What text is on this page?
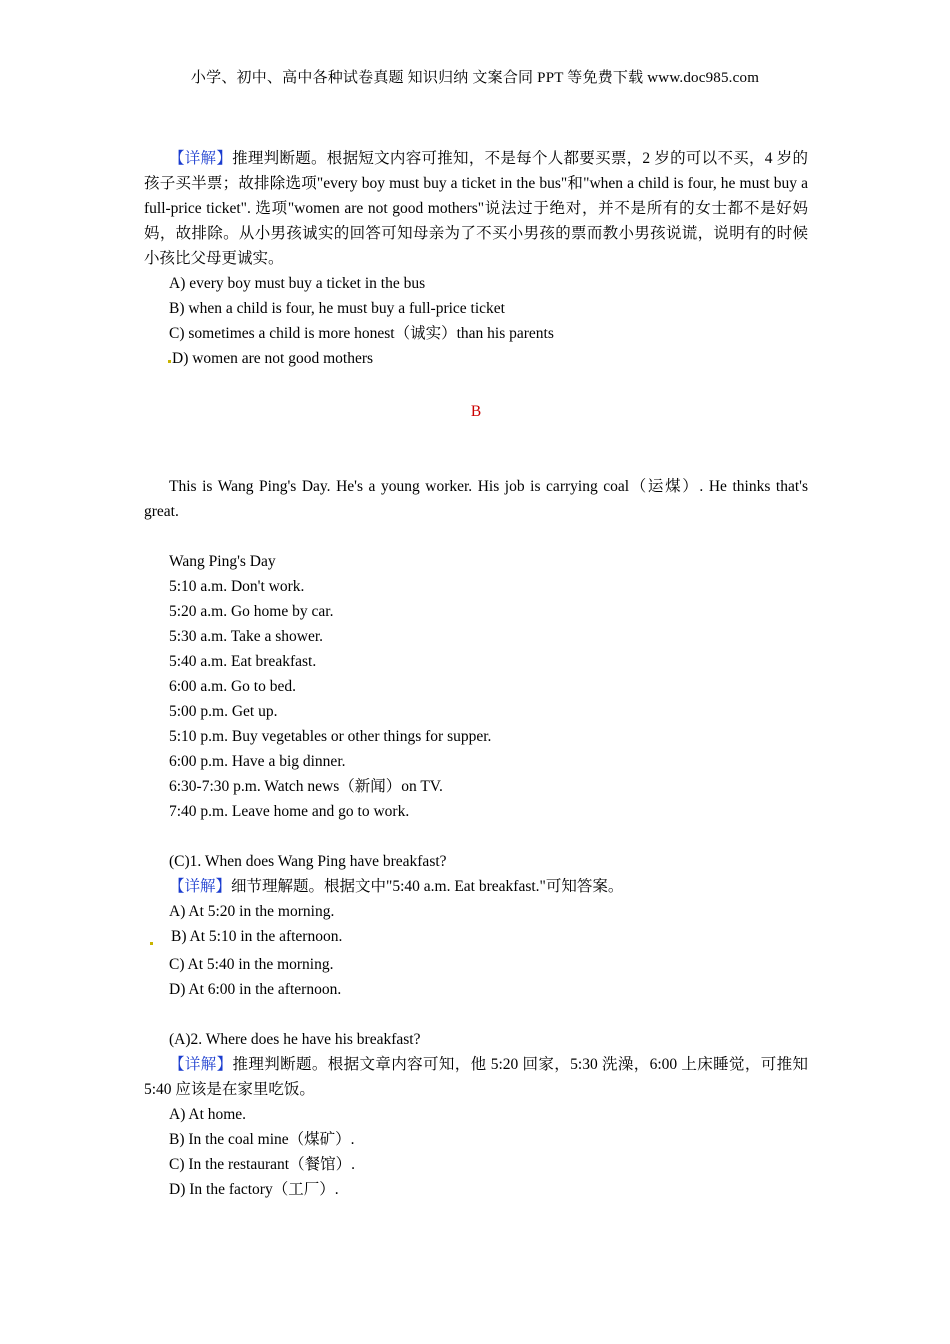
小学、初中、高中各种试卷真题 知识归纳 文案合同 PPT 等免费下载 www.doc985.com

【详解】推理判断题。根据短文内容可推知，不是每个人都要买票，2 岁的可以不买，4 岁的孩子买半票；故排除选项"every boy must buy a ticket in the bus"和"when a child is four, he must buy a full-price ticket". 选项"women are not good mothers"说法过于绝对，并不是所有的女士都不是好妈妈，故排除。从小男孩诚实的回答可知母亲为了不买小男孩的票而教小男孩说谎，说明有的时候小孩比父母更诚实。

A) every boy must buy a ticket in the bus

B) when a child is four, he must buy a full-price ticket

C) sometimes a child is more honest（诚实）than his parents

D) women are not good mothers

B

This is Wang Ping's Day. He's a young worker. His job is carrying coal（运煤）. He thinks that's great.

Wang Ping's Day

5:10 a.m. Don't work.

5:20 a.m. Go home by car.

5:30 a.m. Take a shower.

5:40 a.m. Eat breakfast.

6:00 a.m. Go to bed.

5:00 p.m. Get up.

5:10 p.m. Buy vegetables or other things for supper.

6:00 p.m. Have a big dinner.

6:30-7:30 p.m. Watch news（新闻）on TV.

7:40 p.m. Leave home and go to work.

(C)1. When does Wang Ping have breakfast?

【详解】细节理解题。根据文中"5:40 a.m. Eat breakfast."可知答案。

A) At 5:20 in the morning.

B) At 5:10 in the afternoon.

C) At 5:40 in the morning.

D) At 6:00 in the afternoon.

(A)2. Where does he have his breakfast?

【详解】推理判断题。根据文章内容可知，他 5:20 回家，5:30 洗澡，6:00 上床睡觉，可推知 5:40 应该是在家里吃饭。

A) At home.

B) In the coal mine（煤矿）.

C) In the restaurant（餐馆）.

D) In the factory（工厂）.
